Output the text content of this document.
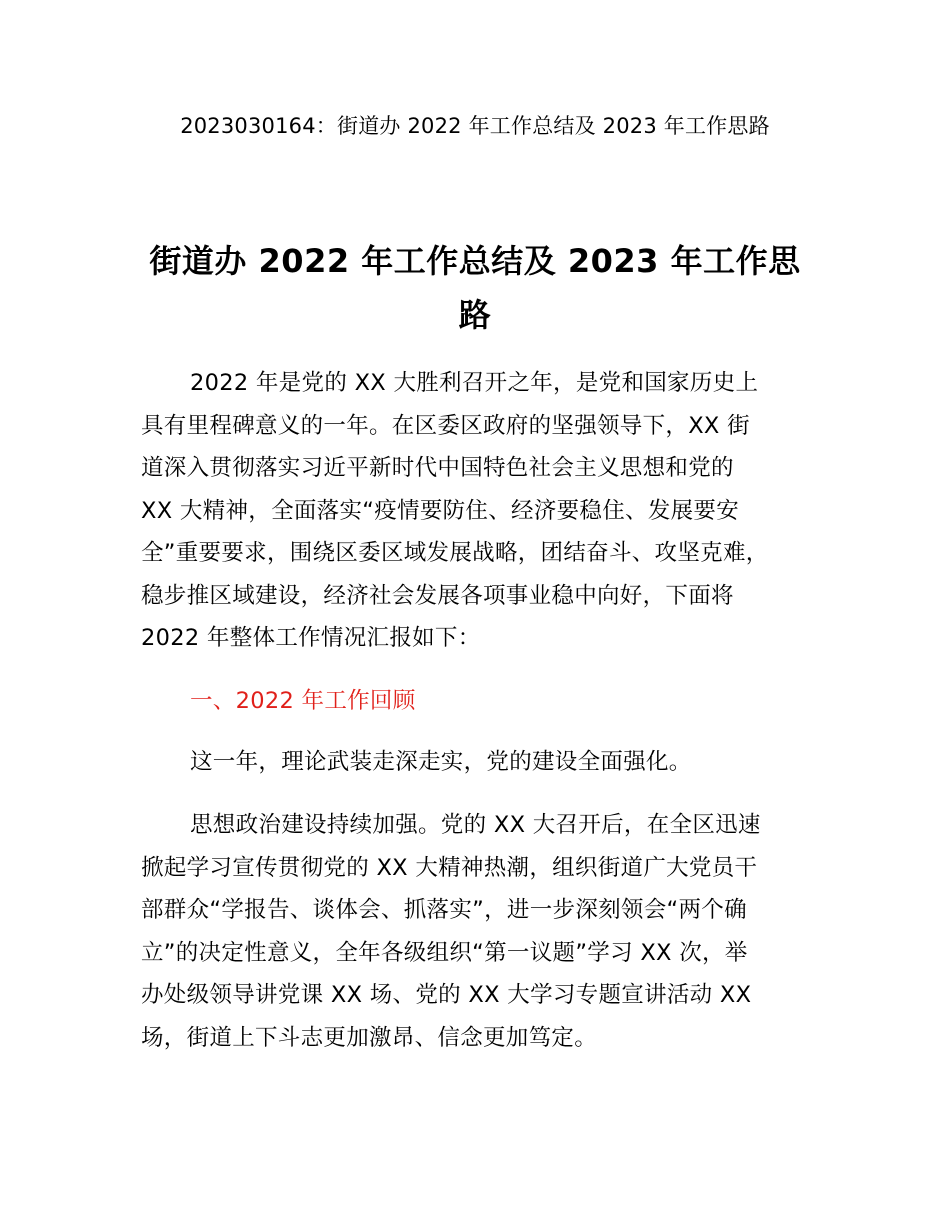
2023030164：街道办 2022 年工作总结及 2023 年工作思路
街道办 2022 年工作总结及 2023 年工作思
路
2022 年是党的 XX 大胜利召开之年，是党和国家历史上
具有里程碑意义的一年。在区委区政府的坚强领导下，XX 街
道深入贯彻落实习近平新时代中国特色社会主义思想和党的
XX 大精神，全面落实“疫情要防住、经济要稳住、发展要安
全”重要要求，围绕区委区域发展战略，团结奋斗、攻坚克难，
稳步推区域建设，经济社会发展各项事业稳中向好，下面将
2022 年整体工作情况汇报如下：
一、2022 年工作回顾
这一年，理论武装走深走实，党的建设全面强化。
思想政治建设持续加强。党的 XX 大召开后，在全区迅速
掀起学习宣传贯彻党的 XX 大精神热潮，组织街道广大党员干
部群众“学报告、谈体会、抓落实”，进一步深刻领会“两个确
立”的决定性意义，全年各级组织“第一议题”学习 XX 次，举
办处级领导讲党课 XX 场、党的 XX 大学习专题宣讲活动 XX
场，街道上下斗志更加激昂、信念更加笃定。
